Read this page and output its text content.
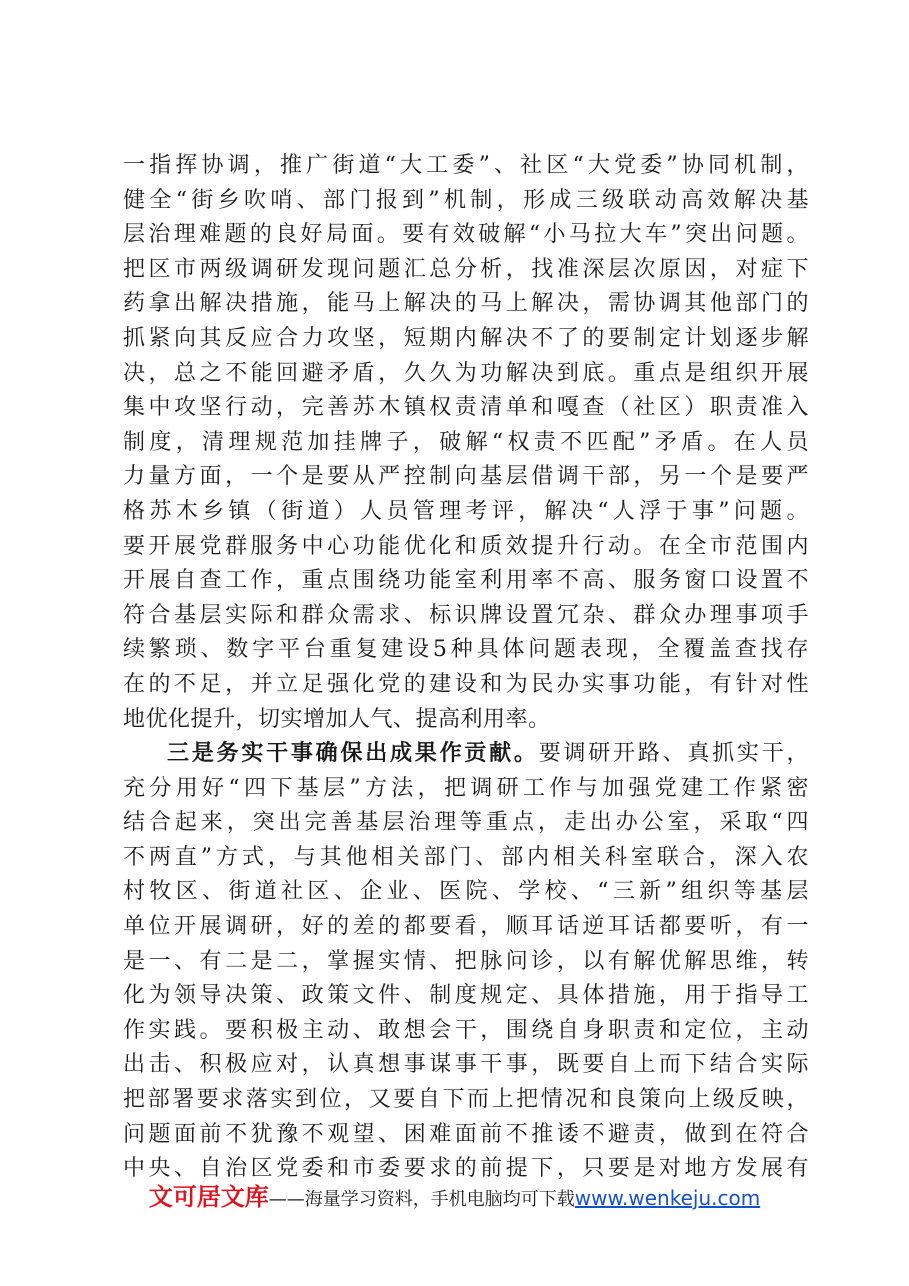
一指挥协调，推广街道“大工委”、社区“大党委”协同机制，
健全“街乡吹哨、部门报到”机制，形成三级联动高效解决基
层治理难题的良好局面。要有效破解“小马拉大车”突出问题。
把区市两级调研发现问题汇总分析，找准深层次原因，对症下
药拿出解决措施，能马上解决的马上解决，需协调其他部门的
抓紧向其反应合力攻坚，短期内解决不了的要制定计划逐步解
决，总之不能回避矛盾，久久为功解决到底。重点是组织开展
集中攻坚行动，完善苏木镇权责清单和嘎查（社区）职责准入
制度，清理规范加挂牌子，破解“权责不匹配”矛盾。在人员
力量方面，一个是要从严控制向基层借调干部，另一个是要严
格苏木乡镇（街道）人员管理考评，解决“人浮于事”问题。
要开展党群服务中心功能优化和质效提升行动。在全市范围内
开展自查工作，重点围绕功能室利用率不高、服务窗口设置不
符合基层实际和群众需求、标识牌设置冗杂、群众办理事项手
续繁琐、数字平台重复建设5种具体问题表现，全覆盖查找存
在的不足，并立足强化党的建设和为民办实事功能，有针对性
地优化提升，切实增加人气、提高利用率。
三是务实干事确保出成果作贡献。要调研开路、真抓实干，
充分用好“四下基层”方法，把调研工作与加强党建工作紧密
结合起来，突出完善基层治理等重点，走出办公室，采取“四
不两直”方式，与其他相关部门、部内相关科室联合，深入农
村牧区、街道社区、企业、医院、学校、“三新”组织等基层
单位开展调研，好的差的都要看，顺耳话逆耳话都要听，有一
是一、有二是二，掌握实情、把脉问诊，以有解优解思维，转
化为领导决策、政策文件、制度规定、具体措施，用于指导工
作实践。要积极主动、敢想会干，围绕自身职责和定位，主动
出击、积极应对，认真想事谋事干事，既要自上而下结合实际
把部署要求落实到位，又要自下而上把情况和良策向上级反映，
问题面前不犹豫不观望、困难面前不推诿不避责，做到在符合
中央、自治区党委和市委要求的前提下，只要是对地方发展有
文可居文库——海量学习资料，手机电脑均可下载www.wenkeju.com
